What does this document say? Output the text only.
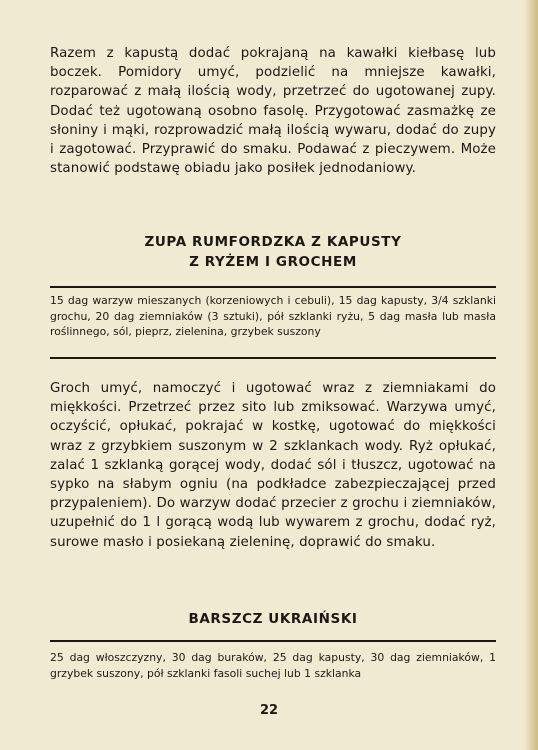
Razem z kapustą dodać pokrajaną na kawałki kiełbasę lub boczek. Pomidory umyć, podzielić na mniejsze kawałki, rozparować z małą ilością wody, przetrzeć do ugotowanej zupy. Dodać też ugotowaną osobno fasolę. Przygotować zasmażkę ze słoniny i mąki, rozprowadzić małą ilością wywaru, dodać do zupy i zagotować. Przyprawić do smaku. Podawać z pieczywem. Może stanowić podstawę obiadu jako posiłek jednodaniowy.

ZUPA RUMFORDZKA Z KAPUSTY
Z RYŻEM I GROCHEM

15 dag warzyw mieszanych (korzeniowych i cebuli), 15 dag kapusty, 3/4 szklanki grochu, 20 dag ziemniaków (3 sztuki), pół szklanki ryżu, 5 dag masła lub masła roślinnego, sól, pieprz, zielenina, grzybek suszony

Groch umyć, namoczyć i ugotować wraz z ziemniakami do miękkości. Przetrzeć przez sito lub zmiksować. Warzywa umyć, oczyścić, opłukać, pokrajać w kostkę, ugotować do miękkości wraz z grzybkiem suszonym w 2 szklankach wody. Ryż opłukać, zalać 1 szklanką gorącej wody, dodać sól i tłuszcz, ugotować na sypko na słabym ogniu (na podkładce zabezpieczającej przed przypaleniem). Do warzyw dodać przecier z grochu i ziemniaków, uzupełnić do 1 l gorącą wodą lub wywarem z grochu, dodać ryż, surowe masło i posiekaną zieleninę, doprawić do smaku.

BARSZCZ UKRAIŃSKI

25 dag włoszczyzny, 30 dag buraków, 25 dag kapusty, 30 dag ziemniaków, 1 grzybek suszony, pół szklanki fasoli suchej lub 1 szklanka

22
